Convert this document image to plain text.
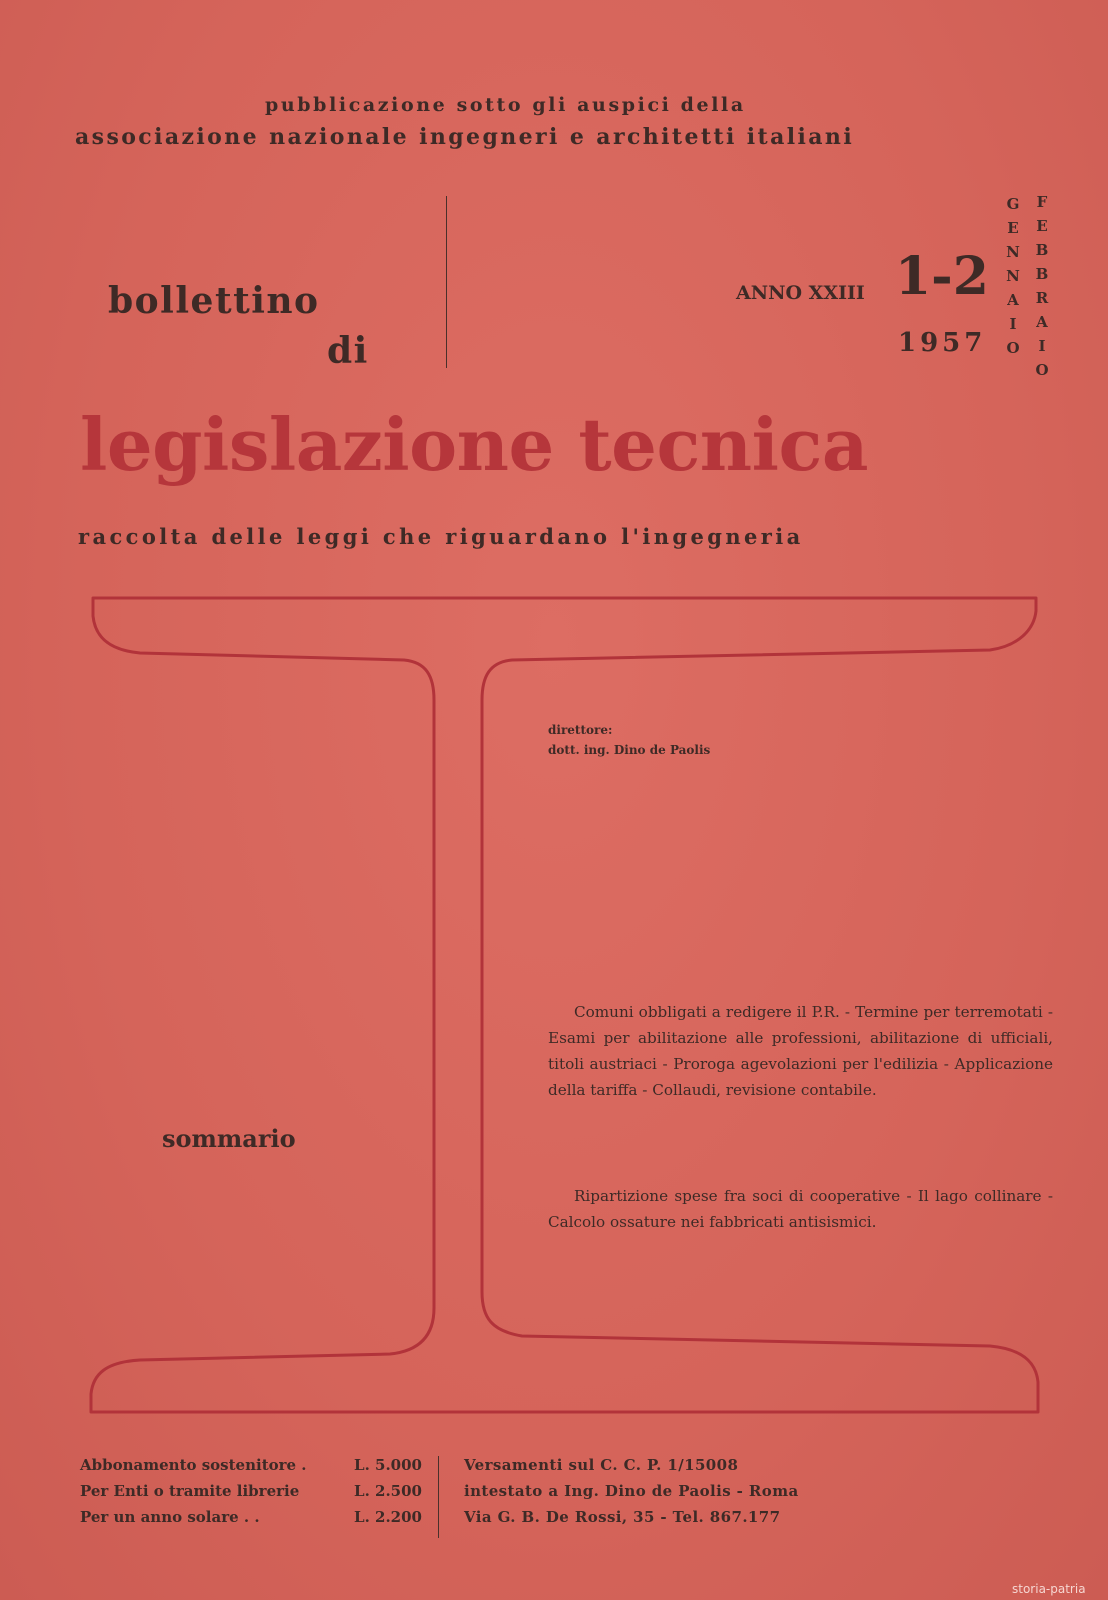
pubblicazione sotto gli auspici della
associazione nazionale ingegneri e architetti italiani
bollettino
di
ANNO XXIII 1-2
1957
G
E
N
N
A
I
O
F
E
B
B
R
A
I
O
legislazione tecnica
raccolta delle leggi che riguardano l'ingegneria
direttore:
dott. ing. Dino de Paolis
sommario
Comuni obbligati a redigere il P.R. - Termine per terremotati - Esami per abilitazione alle professioni, abilitazione di ufficiali, titoli austriaci - Proroga agevolazioni per l'edilizia - Applicazione della tariffa - Collaudi, revisione contabile.
Ripartizione spese fra soci di cooperative - Il lago collinare - Calcolo ossature nei fabbricati antisismici.
Abbonamento sostenitore .
Per Enti o tramite librerie
Per un anno solare . .
L. 5.000
L. 2.500
L. 2.200
Versamenti sul C. C. P. 1/15008
intestato a Ing. Dino de Paolis - Roma
Via G. B. De Rossi, 35 - Tel. 867.177
storia-patria
